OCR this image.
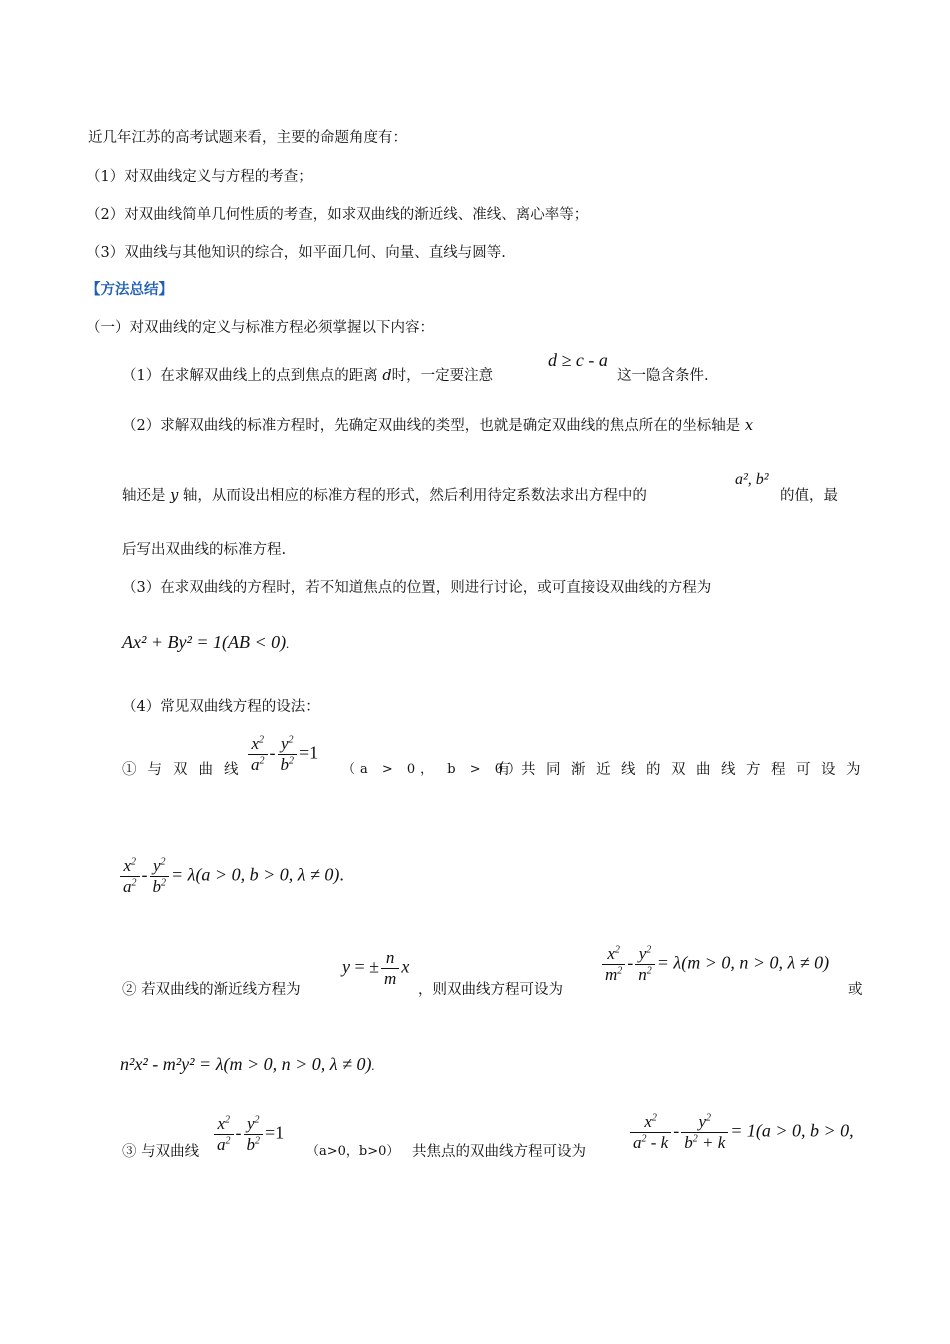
近几年江苏的高考试题来看，主要的命题角度有：
（1）对双曲线定义与方程的考查；
（2）对双曲线简单几何性质的考查，如求双曲线的渐近线、准线、离心率等；
（3）双曲线与其他知识的综合，如平面几何、向量、直线与圆等.
【方法总结】
（一）对双曲线的定义与标准方程必须掌握以下内容：
（1）在求解双曲线上的点到焦点的距离 d时，一定要注意
d ≥ c - a
这一隐含条件.
（2）求解双曲线的标准方程时，先确定双曲线的类型，也就是确定双曲线的焦点所在的坐标轴是 x
轴还是 y 轴，从而设出相应的标准方程的形式，然后利用待定系数法求出方程中的
a², b²
的值，最
后写出双曲线的标准方程.
（3）在求双曲线的方程时，若不知道焦点的位置，则进行讨论，或可直接设双曲线的方程为
Ax² + By² = 1(AB < 0).
（4）常见双曲线方程的设法：
①与双曲线
$\frac{x^2}{a^2} - \frac{y^2}{b^2} =1$
（a > 0， b > 0）
有共同渐近线的双曲线方程可设为
$\frac{x^2}{a^2} - \frac{y^2}{b^2} = \lambda(a > 0$, b > 0, λ ≠ 0).
② 若双曲线的渐近线方程为
y = ± $\frac{n}{m}$ x
，则双曲线方程可设为
$\frac{x^2}{m^2} - \frac{y^2}{n^2} = \lambda(m > 0$, n > 0, λ ≠ 0)
或
n²x² - m²y² = λ(m > 0, n > 0, λ ≠ 0).
③ 与双曲线 $\frac{x^2}{a^2} - \frac{y^2}{b^2} =1$
（a>0，b>0） 共焦点的双曲线方程可设为	$\frac{x^2}{a^2 - k} - \frac{y^2}{b^2 + k} = 1(a > 0$, b > 0,
